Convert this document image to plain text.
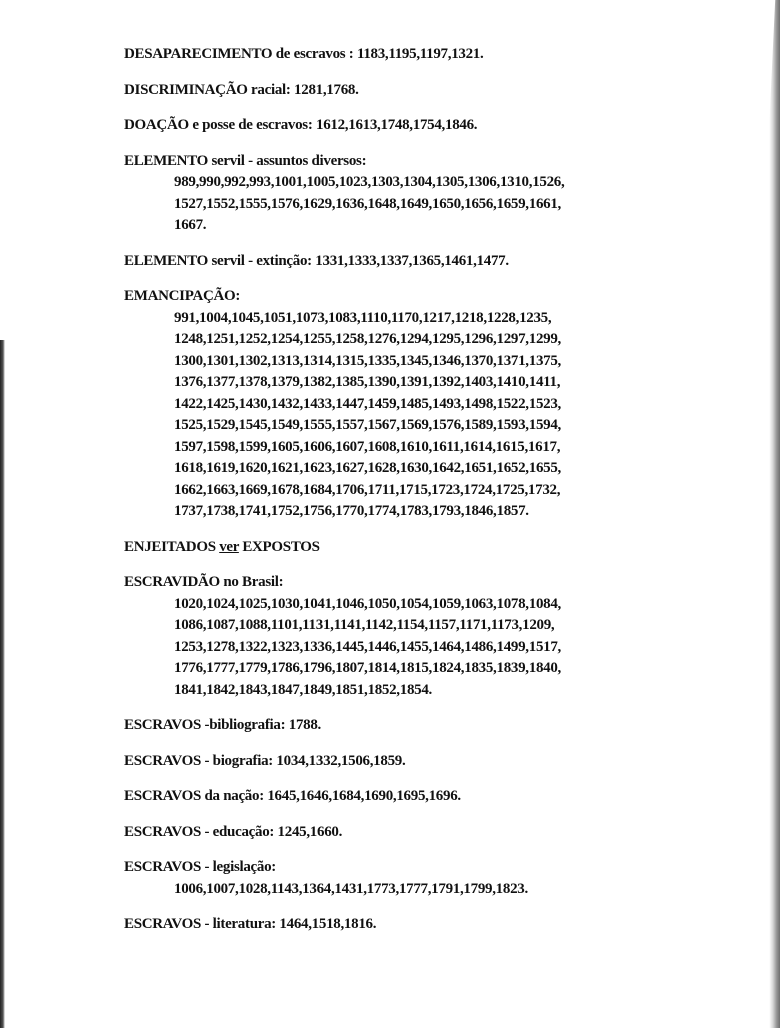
DESAPARECIMENTO de escravos : 1183,1195,1197,1321.
DISCRIMINAÇÃO racial: 1281,1768.
DOAÇÃO e posse de escravos: 1612,1613,1748,1754,1846.
ELEMENTO servil - assuntos diversos:
989,990,992,993,1001,1005,1023,1303,1304,1305,1306,1310,1526,
1527,1552,1555,1576,1629,1636,1648,1649,1650,1656,1659,1661,
1667.
ELEMENTO servil - extinção: 1331,1333,1337,1365,1461,1477.
EMANCIPAÇÃO:
991,1004,1045,1051,1073,1083,1110,1170,1217,1218,1228,1235,
1248,1251,1252,1254,1255,1258,1276,1294,1295,1296,1297,1299,
1300,1301,1302,1313,1314,1315,1335,1345,1346,1370,1371,1375,
1376,1377,1378,1379,1382,1385,1390,1391,1392,1403,1410,1411,
1422,1425,1430,1432,1433,1447,1459,1485,1493,1498,1522,1523,
1525,1529,1545,1549,1555,1557,1567,1569,1576,1589,1593,1594,
1597,1598,1599,1605,1606,1607,1608,1610,1611,1614,1615,1617,
1618,1619,1620,1621,1623,1627,1628,1630,1642,1651,1652,1655,
1662,1663,1669,1678,1684,1706,1711,1715,1723,1724,1725,1732,
1737,1738,1741,1752,1756,1770,1774,1783,1793,1846,1857.
ENJEITADOS ver EXPOSTOS
ESCRAVIDÃO no Brasil:
1020,1024,1025,1030,1041,1046,1050,1054,1059,1063,1078,1084,
1086,1087,1088,1101,1131,1141,1142,1154,1157,1171,1173,1209,
1253,1278,1322,1323,1336,1445,1446,1455,1464,1486,1499,1517,
1776,1777,1779,1786,1796,1807,1814,1815,1824,1835,1839,1840,
1841,1842,1843,1847,1849,1851,1852,1854.
ESCRAVOS -bibliografia: 1788.
ESCRAVOS - biografia: 1034,1332,1506,1859.
ESCRAVOS da nação: 1645,1646,1684,1690,1695,1696.
ESCRAVOS - educação: 1245,1660.
ESCRAVOS - legislação:
1006,1007,1028,1143,1364,1431,1773,1777,1791,1799,1823.
ESCRAVOS - literatura: 1464,1518,1816.
